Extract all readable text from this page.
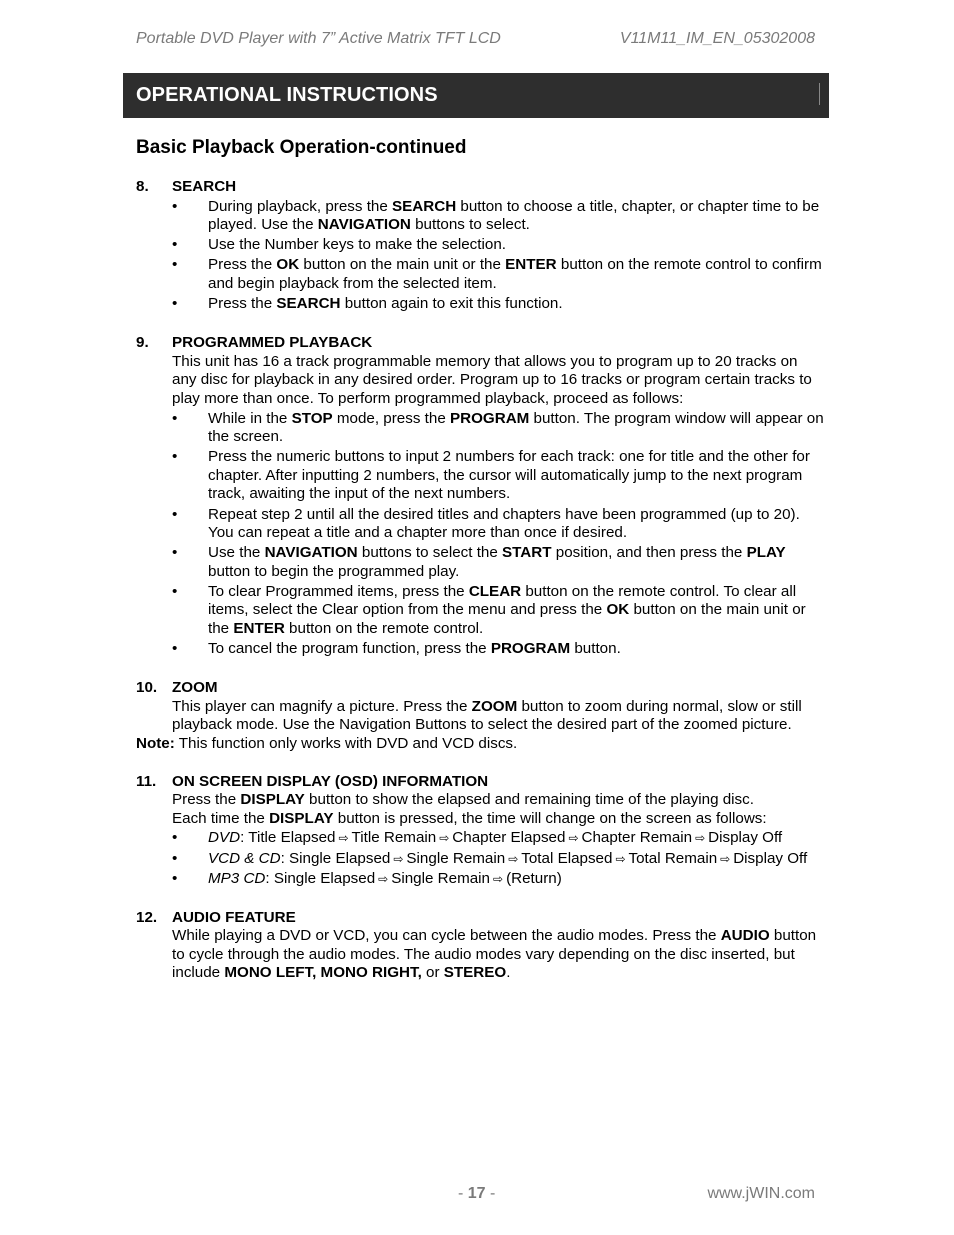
Portable DVD Player with 7” Active Matrix TFT LCD	V11M11_IM_EN_05302008
OPERATIONAL INSTRUCTIONS
Basic Playback Operation-continued
8.	SEARCH
• During playback, press the SEARCH button to choose a title, chapter, or chapter time to be played. Use the NAVIGATION buttons to select.
• Use the Number keys to make the selection.
• Press the OK button on the main unit or the ENTER button on the remote control to confirm and begin playback from the selected item.
• Press the SEARCH button again to exit this function.
9.	PROGRAMMED PLAYBACK
This unit has 16 a track programmable memory that allows you to program up to 20 tracks on any disc for playback in any desired order. Program up to 16 tracks or program certain tracks to play more than once. To perform programmed playback, proceed as follows:
• While in the STOP mode, press the PROGRAM button. The program window will appear on the screen.
• Press the numeric buttons to input 2 numbers for each track: one for title and the other for chapter. After inputting 2 numbers, the cursor will automatically jump to the next program track, awaiting the input of the next numbers.
• Repeat step 2 until all the desired titles and chapters have been programmed (up to 20). You can repeat a title and a chapter more than once if desired.
• Use the NAVIGATION buttons to select the START position, and then press the PLAY button to begin the programmed play.
• To clear Programmed items, press the CLEAR button on the remote control. To clear all items, select the Clear option from the menu and press the OK button on the main unit or the ENTER button on the remote control.
• To cancel the program function, press the PROGRAM button.
10. ZOOM
This player can magnify a picture. Press the ZOOM button to zoom during normal, slow or still playback mode. Use the Navigation Buttons to select the desired part of the zoomed picture.
Note: This function only works with DVD and VCD discs.
11.	ON SCREEN DISPLAY (OSD) INFORMATION
Press the DISPLAY button to show the elapsed and remaining time of the playing disc.
Each time the DISPLAY button is pressed, the time will change on the screen as follows:
• DVD: Title Elapsed ⇨ Title Remain ⇨ Chapter Elapsed ⇨ Chapter Remain ⇨ Display Off
• VCD & CD: Single Elapsed ⇨ Single Remain ⇨ Total Elapsed ⇨ Total Remain ⇨ Display Off
• MP3 CD: Single Elapsed ⇨ Single Remain ⇨ (Return)
12. AUDIO FEATURE
While playing a DVD or VCD, you can cycle between the audio modes. Press the AUDIO button to cycle through the audio modes. The audio modes vary depending on the disc inserted, but include MONO LEFT, MONO RIGHT, or STEREO.
- 17 -	www.jWIN.com
